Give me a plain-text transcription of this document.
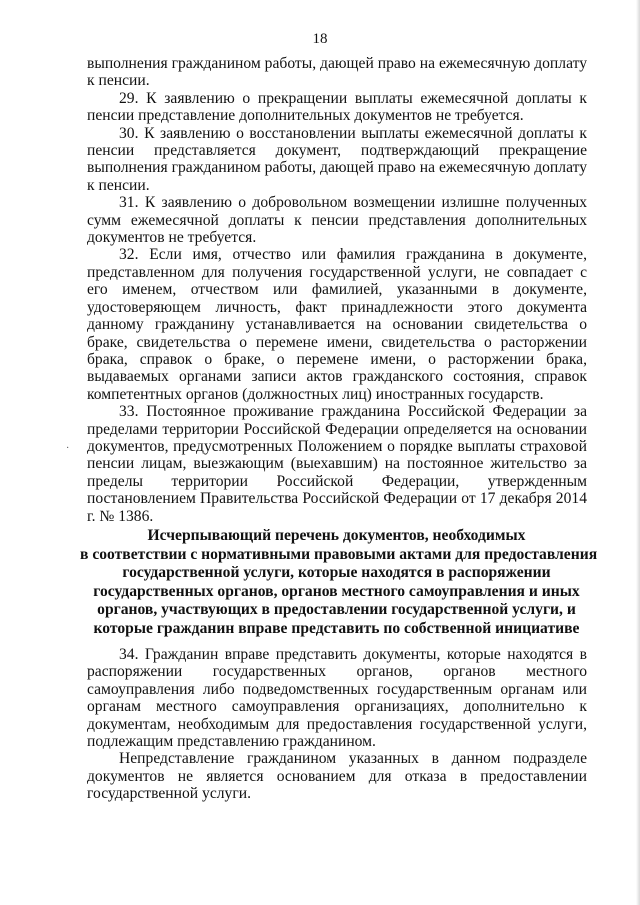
18

выполнения гражданином работы, дающей право на ежемесячную доплату к пенсии.

29. К заявлению о прекращении выплаты ежемесячной доплаты к пенсии представление дополнительных документов не требуется.

30. К заявлению о восстановлении выплаты ежемесячной доплаты к пенсии представляется документ, подтверждающий прекращение выполнения гражданином работы, дающей право на ежемесячную доплату к пенсии.

31. К заявлению о добровольном возмещении излишне полученных сумм ежемесячной доплаты к пенсии представления дополнительных документов не требуется.

32. Если имя, отчество или фамилия гражданина в документе, представленном для получения государственной услуги, не совпадает с его именем, отчеством или фамилией, указанными в документе, удостоверяющем личность, факт принадлежности этого документа данному гражданину устанавливается на основании свидетельства о браке, свидетельства о перемене имени, свидетельства о расторжении брака, справок о браке, о перемене имени, о расторжении брака, выдаваемых органами записи актов гражданского состояния, справок компетентных органов (должностных лиц) иностранных государств.

33. Постоянное проживание гражданина Российской Федерации за пределами территории Российской Федерации определяется на основании документов, предусмотренных Положением о порядке выплаты страховой пенсии лицам, выезжающим (выехавшим) на постоянное жительство за пределы территории Российской Федерации, утвержденным постановлением Правительства Российской Федерации от 17 декабря 2014 г. № 1386.

Исчерпывающий перечень документов, необходимых
в соответствии с нормативными правовыми актами для предоставления
государственной услуги, которые находятся в распоряжении
государственных органов, органов местного самоуправления и иных
органов, участвующих в предоставлении государственной услуги, и
которые гражданин вправе представить по собственной инициативе

34. Гражданин вправе представить документы, которые находятся в распоряжении государственных органов, органов местного самоуправления либо подведомственных государственным органам или органам местного самоуправления организациях, дополнительно к документам, необходимым для предоставления государственной услуги, подлежащим представлению гражданином.

Непредставление гражданином указанных в данном подразделе документов не является основанием для отказа в предоставлении государственной услуги.

·
